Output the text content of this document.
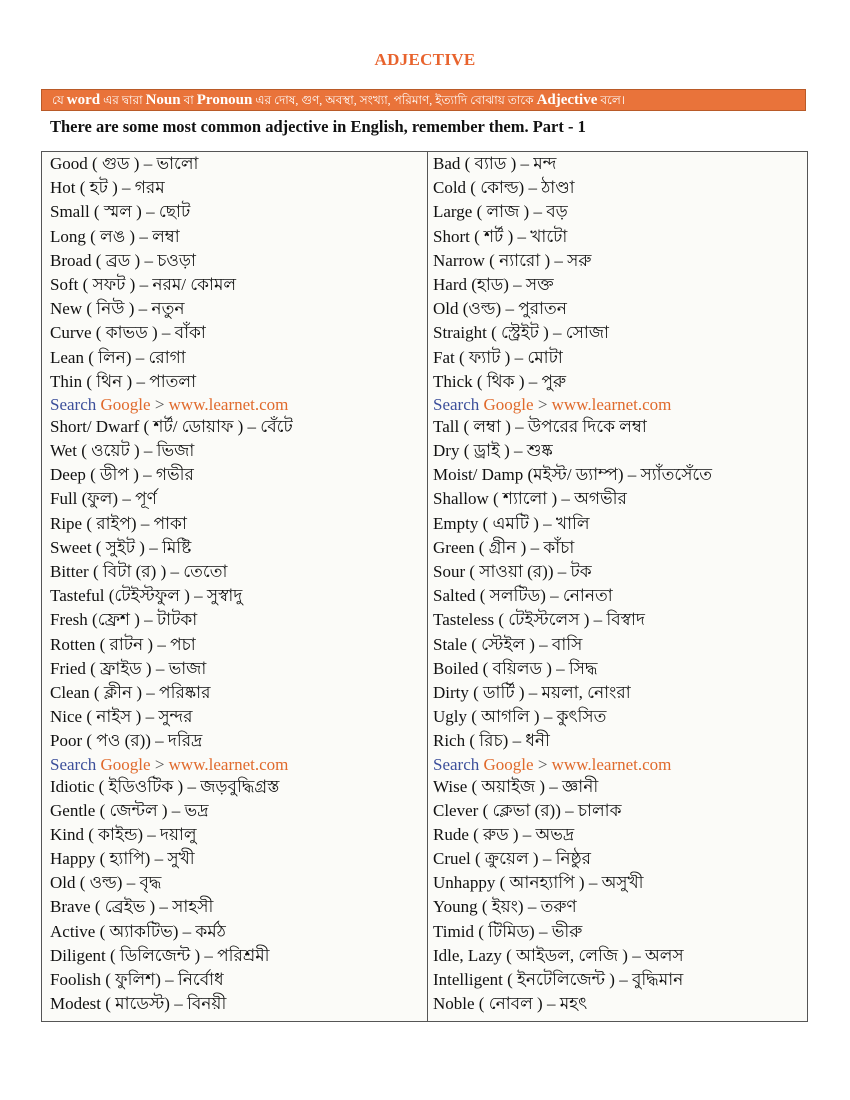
ADJECTIVE
যে word এর দ্বারা Noun বা Pronoun এর দোষ, গুণ, অবস্থা, সংখ্যা, পরিমাণ, ইত্যাদি বোঝায় তাকে Adjective বলে।
There are some most common adjective in English, remember them. Part - 1
Good ( গুড ) – ভালো
Hot ( হট ) – গরম
Small ( স্মল ) – ছোট
Long ( লঙ ) – লম্বা
Broad ( ব্রড ) – চওড়া
Soft ( সফট ) – নরম/ কোমল
New ( নিউ ) – নতুন
Curve ( কাভড ) – বাঁকা
Lean ( লিন) – রোগা
Thin ( থিন ) – পাতলা
Search Google > www.learnet.com
Short/ Dwarf ( শর্ট/ ডোয়াফ ) – বেঁটে
Wet ( ওয়েট ) – ভিজা
Deep ( ডীপ ) – গভীর
Full (ফুল) – পূর্ণ
Ripe ( রাইপ) – পাকা
Sweet ( সুইট ) – মিষ্টি
Bitter ( বিটা (র) ) – তেতো
Tasteful (টেইস্টফুল ) – সুস্বাদু
Fresh (ফ্রেশ ) – টাটকা
Rotten ( রাটন ) – পচা
Fried ( ফ্রাইড ) – ভাজা
Clean ( ক্লীন ) – পরিষ্কার
Nice ( নাইস ) – সুন্দর
Poor ( পও (র)) – দরিদ্র
Search Google > www.learnet.com
Idiotic ( ইডিওটিক ) – জড়বুদ্ধিগ্রস্ত
Gentle ( জেন্টল ) – ভদ্র
Kind ( কাইন্ড) – দয়ালু
Happy ( হ্যাপি) – সুখী
Old ( ওল্ড) – বৃদ্ধ
Brave ( ব্রেইভ ) – সাহসী
Active ( অ্যাকটিভ) – কর্মঠ
Diligent ( ডিলিজেন্ট ) – পরিশ্রমী
Foolish ( ফুলিশ) – নির্বোধ
Modest ( মাডেস্ট) – বিনয়ী
Bad ( ব্যাড ) – মন্দ
Cold ( কোল্ড) – ঠাণ্ডা
Large ( লাজ ) – বড়
Short ( শর্ট ) – খাটো
Narrow ( ন্যারো ) – সরু
Hard (হাড) – সক্ত
Old (ওল্ড) – পুরাতন
Straight ( স্ট্রেইট ) – সোজা
Fat ( ফ্যাট ) – মোটা
Thick ( থিক ) – পুরু
Search Google > www.learnet.com
Tall ( লম্বা ) – উপরের দিকে লম্বা
Dry ( ড্রাই ) – শুষ্ক
Moist/ Damp (মইস্ট/ ড্যাম্প) – স্যাঁতসেঁতে
Shallow ( শ্যালো ) – অগভীর
Empty ( এমটি ) – খালি
Green ( গ্রীন ) – কাঁচা
Sour ( সাওয়া (র)) – টক
Salted ( সলটিড) – নোনতা
Tasteless ( টেইস্টলেস ) – বিস্বাদ
Stale ( স্টেইল ) – বাসি
Boiled ( বয়িলড ) – সিদ্ধ
Dirty ( ডার্টি ) – ময়লা, নোংরা
Ugly ( আগলি ) – কুৎসিত
Rich ( রিচ) – ধনী
Search Google > www.learnet.com
Wise ( অয়াইজ ) – জ্ঞানী
Clever ( ক্লেভা (র)) – চালাক
Rude ( রুড ) – অভদ্র
Cruel ( ক্রুয়েল ) – নিষ্ঠুর
Unhappy ( আনহ্যাপি ) – অসুখী
Young ( ইয়ং) – তরুণ
Timid ( টিমিড) – ভীরু
Idle, Lazy ( আইডল, লেজি ) – অলস
Intelligent ( ইনটেলিজেন্ট ) – বুদ্ধিমান
Noble ( নোবল ) – মহৎ
